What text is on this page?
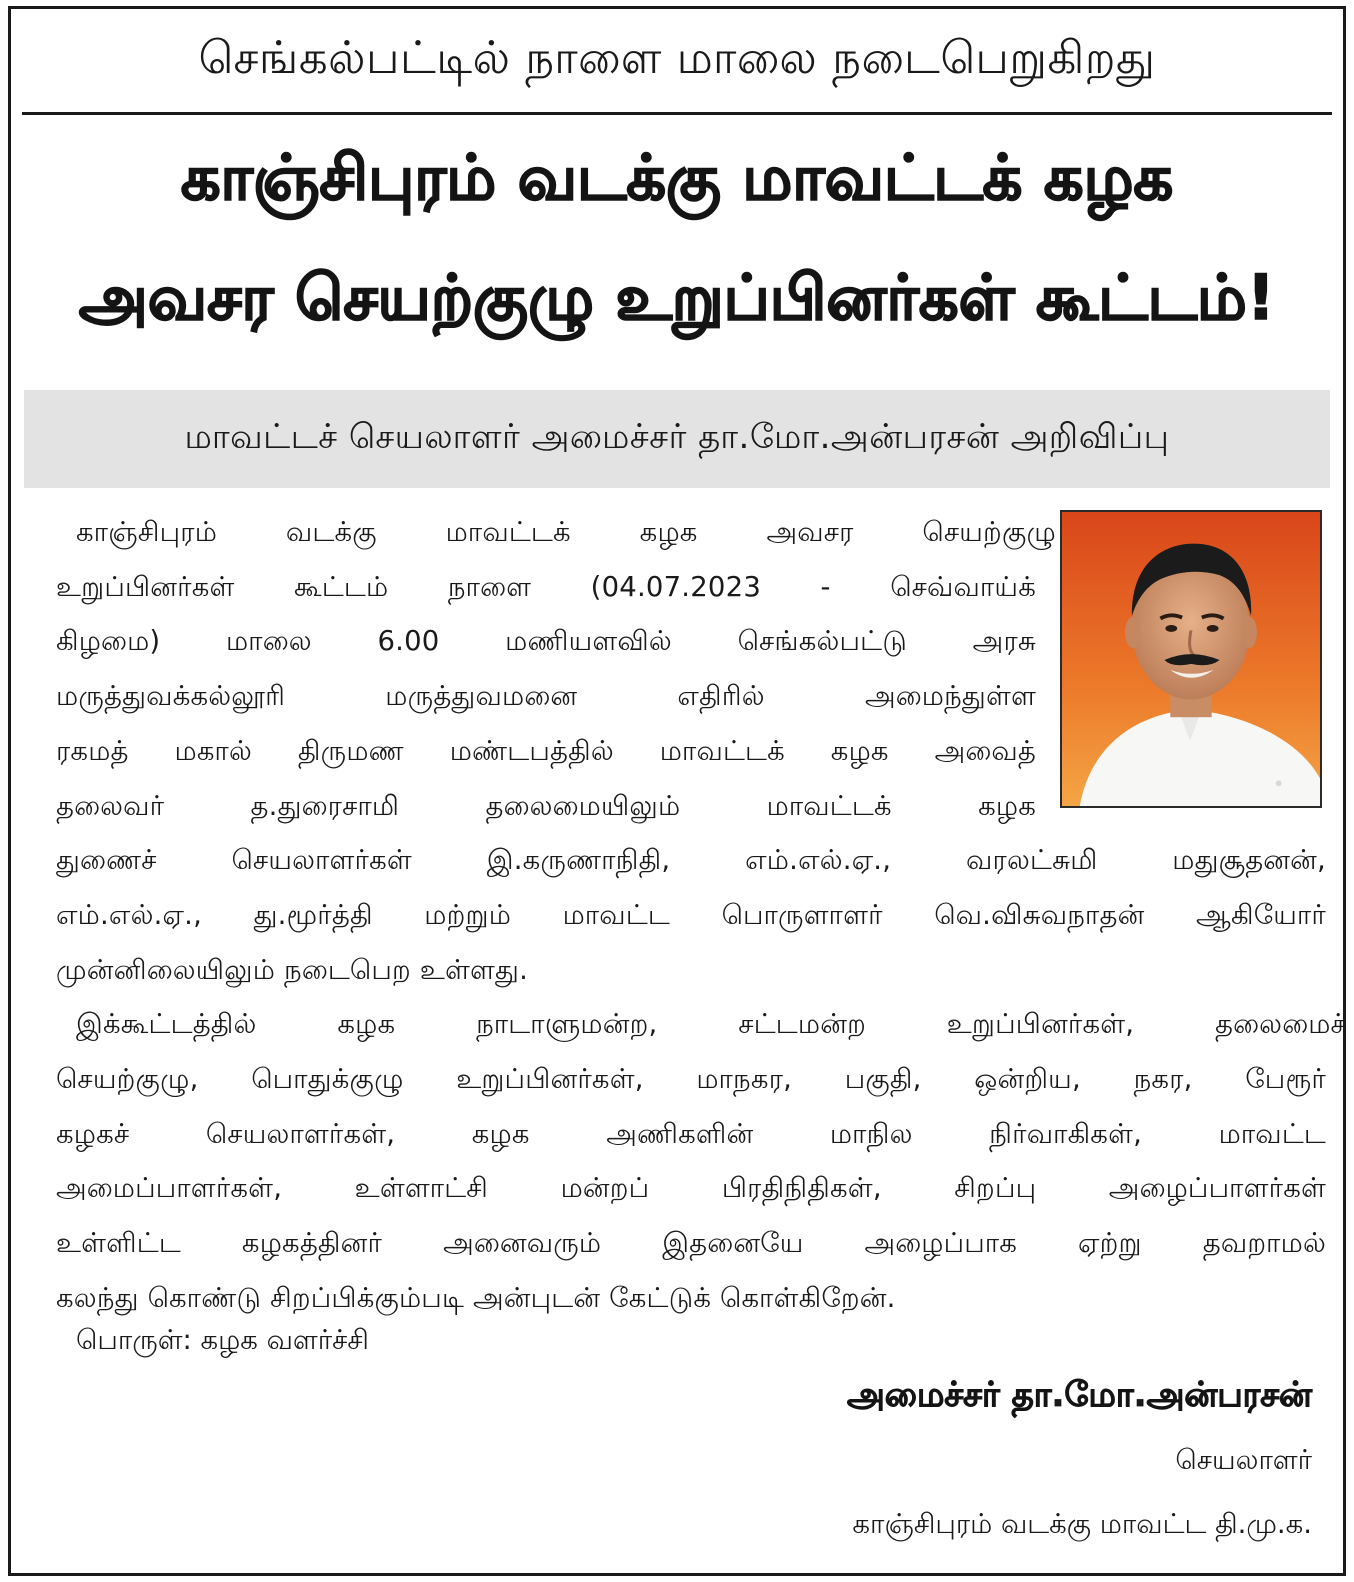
செங்கல்பட்டில் நாளை மாலை நடைபெறுகிறது
காஞ்சிபுரம் வடக்கு மாவட்டக் கழக
அவசர செயற்குழு உறுப்பினர்கள் கூட்டம்!
மாவட்டச் செயலாளர் அமைச்சர் தா.மோ.அன்பரசன் அறிவிப்பு

காஞ்சிபுரம் வடக்கு மாவட்டக் கழக அவசர செயற்குழு
உறுப்பினர்கள் கூட்டம் நாளை (04.07.2023 - செவ்வாய்க்
கிழமை) மாலை 6.00 மணியளவில் செங்கல்பட்டு அரசு
மருத்துவக்கல்லூரி மருத்துவமனை எதிரில் அமைந்துள்ள
ரகமத் மகால் திருமண மண்டபத்தில் மாவட்டக் கழக அவைத்
தலைவர் த.துரைசாமி தலைமையிலும் மாவட்டக் கழக
துணைச் செயலாளர்கள் இ.கருணாநிதி, எம்.எல்.ஏ., வரலட்சுமி மதுசூதனன்,
எம்.எல்.ஏ., து.மூர்த்தி மற்றும் மாவட்ட பொருளாளர் வெ.விசுவநாதன் ஆகியோர்
முன்னிலையிலும் நடைபெற உள்ளது.

இக்கூட்டத்தில் கழக நாடாளுமன்ற, சட்டமன்ற உறுப்பினர்கள், தலைமைச்
செயற்குழு, பொதுக்குழு உறுப்பினர்கள், மாநகர, பகுதி, ஒன்றிய, நகர, பேரூர்
கழகச் செயலாளர்கள், கழக அணிகளின் மாநில நிர்வாகிகள், மாவட்ட
அமைப்பாளர்கள், உள்ளாட்சி மன்றப் பிரதிநிதிகள், சிறப்பு அழைப்பாளர்கள்
உள்ளிட்ட கழகத்தினர் அனைவரும் இதனையே அழைப்பாக ஏற்று தவறாமல்
கலந்து கொண்டு சிறப்பிக்கும்படி அன்புடன் கேட்டுக் கொள்கிறேன்.

பொருள்: கழக வளர்ச்சி
அமைச்சர் தா.மோ.அன்பரசன்
செயலாளர்
காஞ்சிபுரம் வடக்கு மாவட்ட தி.மு.க.
